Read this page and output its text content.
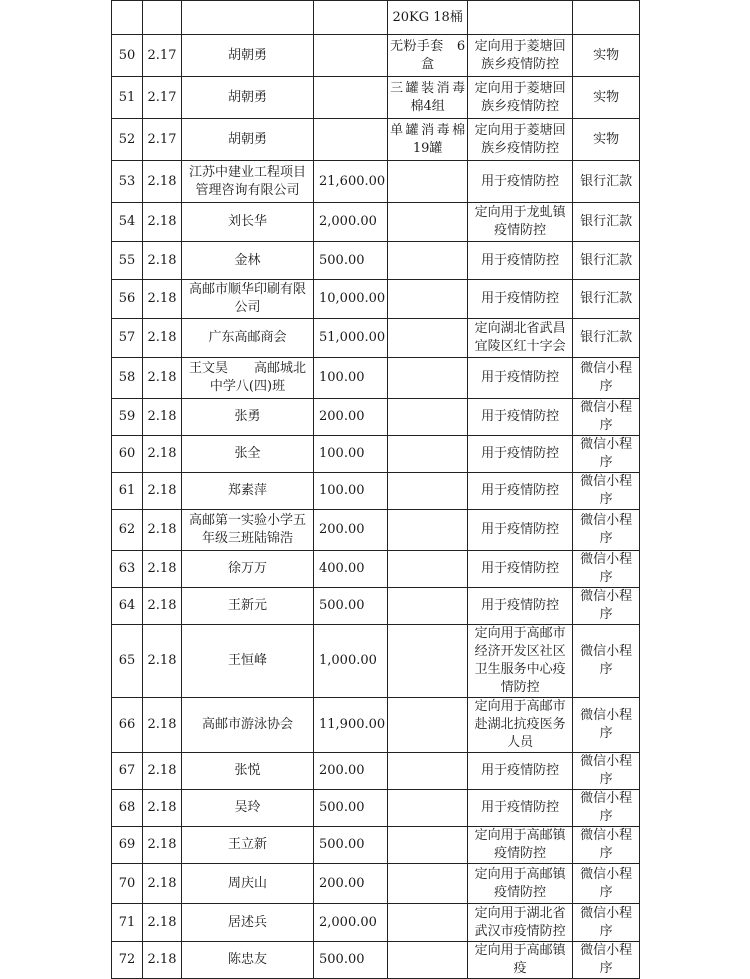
				20KG 18桶		
50	2.17	胡朝勇		无粉手套　6盒	定向用于菱塘回族乡疫情防控	实物
51	2.17	胡朝勇		三罐装消毒棉4组	定向用于菱塘回族乡疫情防控	实物
52	2.17	胡朝勇		单罐消毒棉19罐	定向用于菱塘回族乡疫情防控	实物
53	2.18	江苏中建业工程项目管理咨询有限公司	21,600.00		用于疫情防控	银行汇款
54	2.18	刘长华	2,000.00		定向用于龙虬镇疫情防控	银行汇款
55	2.18	金林	500.00		用于疫情防控	银行汇款
56	2.18	高邮市顺华印刷有限公司	10,000.00		用于疫情防控	银行汇款
57	2.18	广东高邮商会	51,000.00		定向湖北省武昌宜陵区红十字会	银行汇款
58	2.18	王文昊　　高邮城北中学八(四)班	100.00		用于疫情防控	微信小程序
59	2.18	张勇	200.00		用于疫情防控	微信小程序
60	2.18	张全	100.00		用于疫情防控	微信小程序
61	2.18	郑素萍	100.00		用于疫情防控	微信小程序
62	2.18	高邮第一实验小学五年级三班陆锦浩	200.00		用于疫情防控	微信小程序
63	2.18	徐万万	400.00		用于疫情防控	微信小程序
64	2.18	王新元	500.00		用于疫情防控	微信小程序
65	2.18	王恒峰	1,000.00		定向用于高邮市经济开发区社区卫生服务中心疫情防控	微信小程序
66	2.18	高邮市游泳协会	11,900.00		定向用于高邮市赴湖北抗疫医务人员	微信小程序
67	2.18	张悦	200.00		用于疫情防控	微信小程序
68	2.18	吴玲	500.00		用于疫情防控	微信小程序
69	2.18	王立新	500.00		定向用于高邮镇疫情防控	微信小程序
70	2.18	周庆山	200.00		定向用于高邮镇疫情防控	微信小程序
71	2.18	居述兵	2,000.00		定向用于湖北省武汉市疫情防控	微信小程序
72	2.18	陈忠友	500.00		定向用于高邮镇疫	微信小程序
